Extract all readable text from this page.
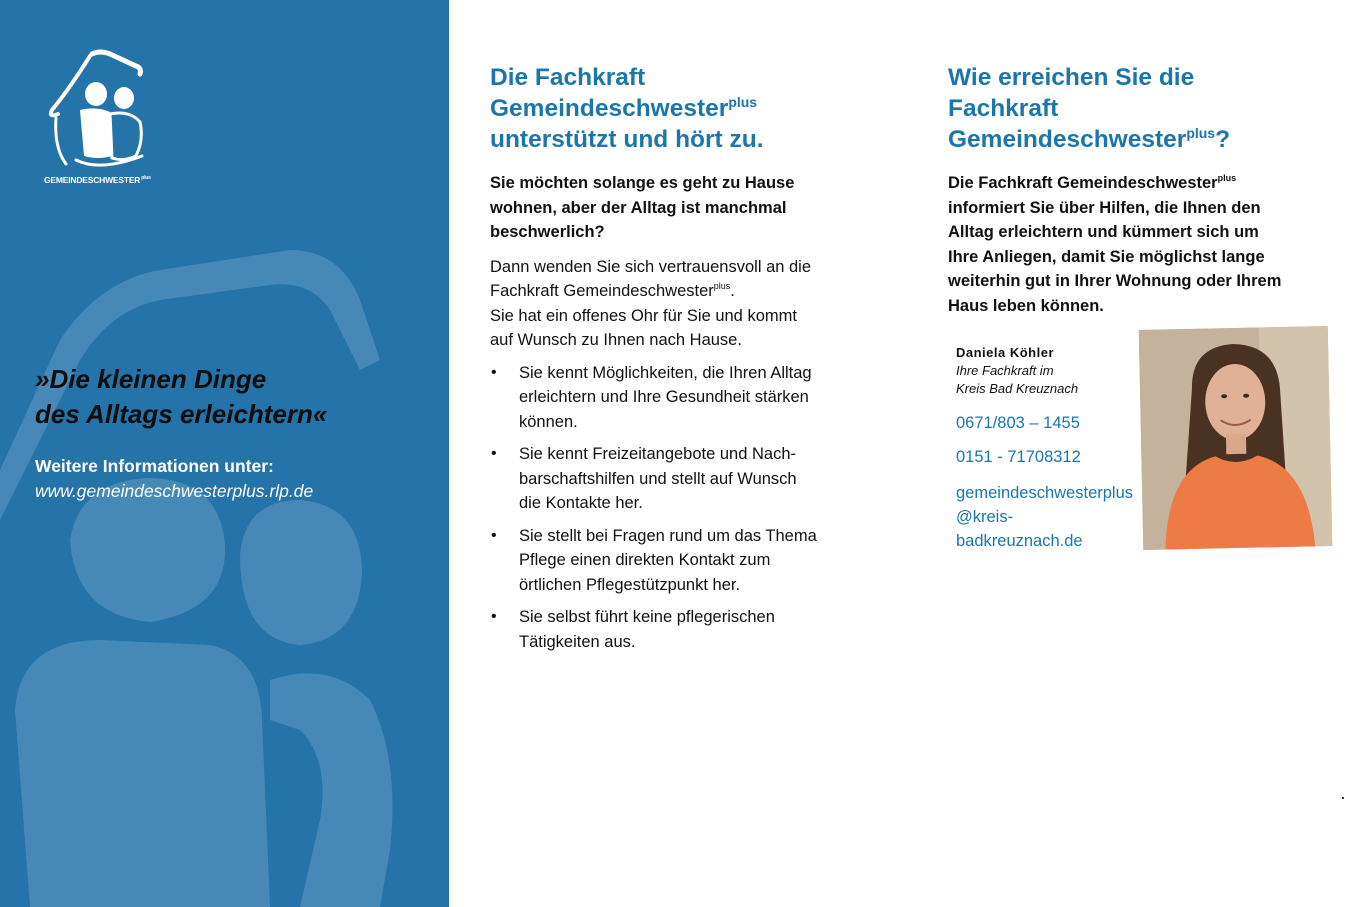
$GEMEINDESCHWESTER^{plus}$

»Die kleinen Dinge
des Alltags erleichtern«

Weitere Informationen unter:
www.gemeindeschwesterplus.rlp.de
Die Fachkraft
Gemeindeschwester$^{plus}$
unterstützt und hört zu.

Sie möchten solange es geht zu Hause
wohnen, aber der Alltag ist manchmal
beschwerlich?

Dann wenden Sie sich vertrauensvoll an die
Fachkraft Gemeindeschwester$^{plus}$.
Sie hat ein offenes Ohr für Sie und kommt
auf Wunsch zu Ihnen nach Hause.

• Sie kennt Möglichkeiten, die Ihren Alltag
erleichtern und Ihre Gesundheit stärken
können.
• Sie kennt Freizeitangebote und Nach-
barschaftshilfen und stellt auf Wunsch
die Kontakte her.
• Sie stellt bei Fragen rund um das Thema
Pflege einen direkten Kontakt zum
örtlichen Pflegestützpunkt her.
• Sie selbst führt keine pflegerischen
Tätigkeiten aus.
Wie erreichen Sie die
Fachkraft
Gemeindeschwester$^{plus}$?

Die Fachkraft Gemeindeschwester$^{plus}$
informiert Sie über Hilfen, die Ihnen den
Alltag erleichtern und kümmert sich um
Ihre Anliegen, damit Sie möglichst lange
weiterhin gut in Ihrer Wohnung oder Ihrem
Haus leben können.

Daniela Köhler

Ihre Fachkraft im
Kreis Bad Kreuznach

0671/803 – 1455

0151 - 71708312

gemeindeschwesterplus
@kreis-
badkreuznach.de
